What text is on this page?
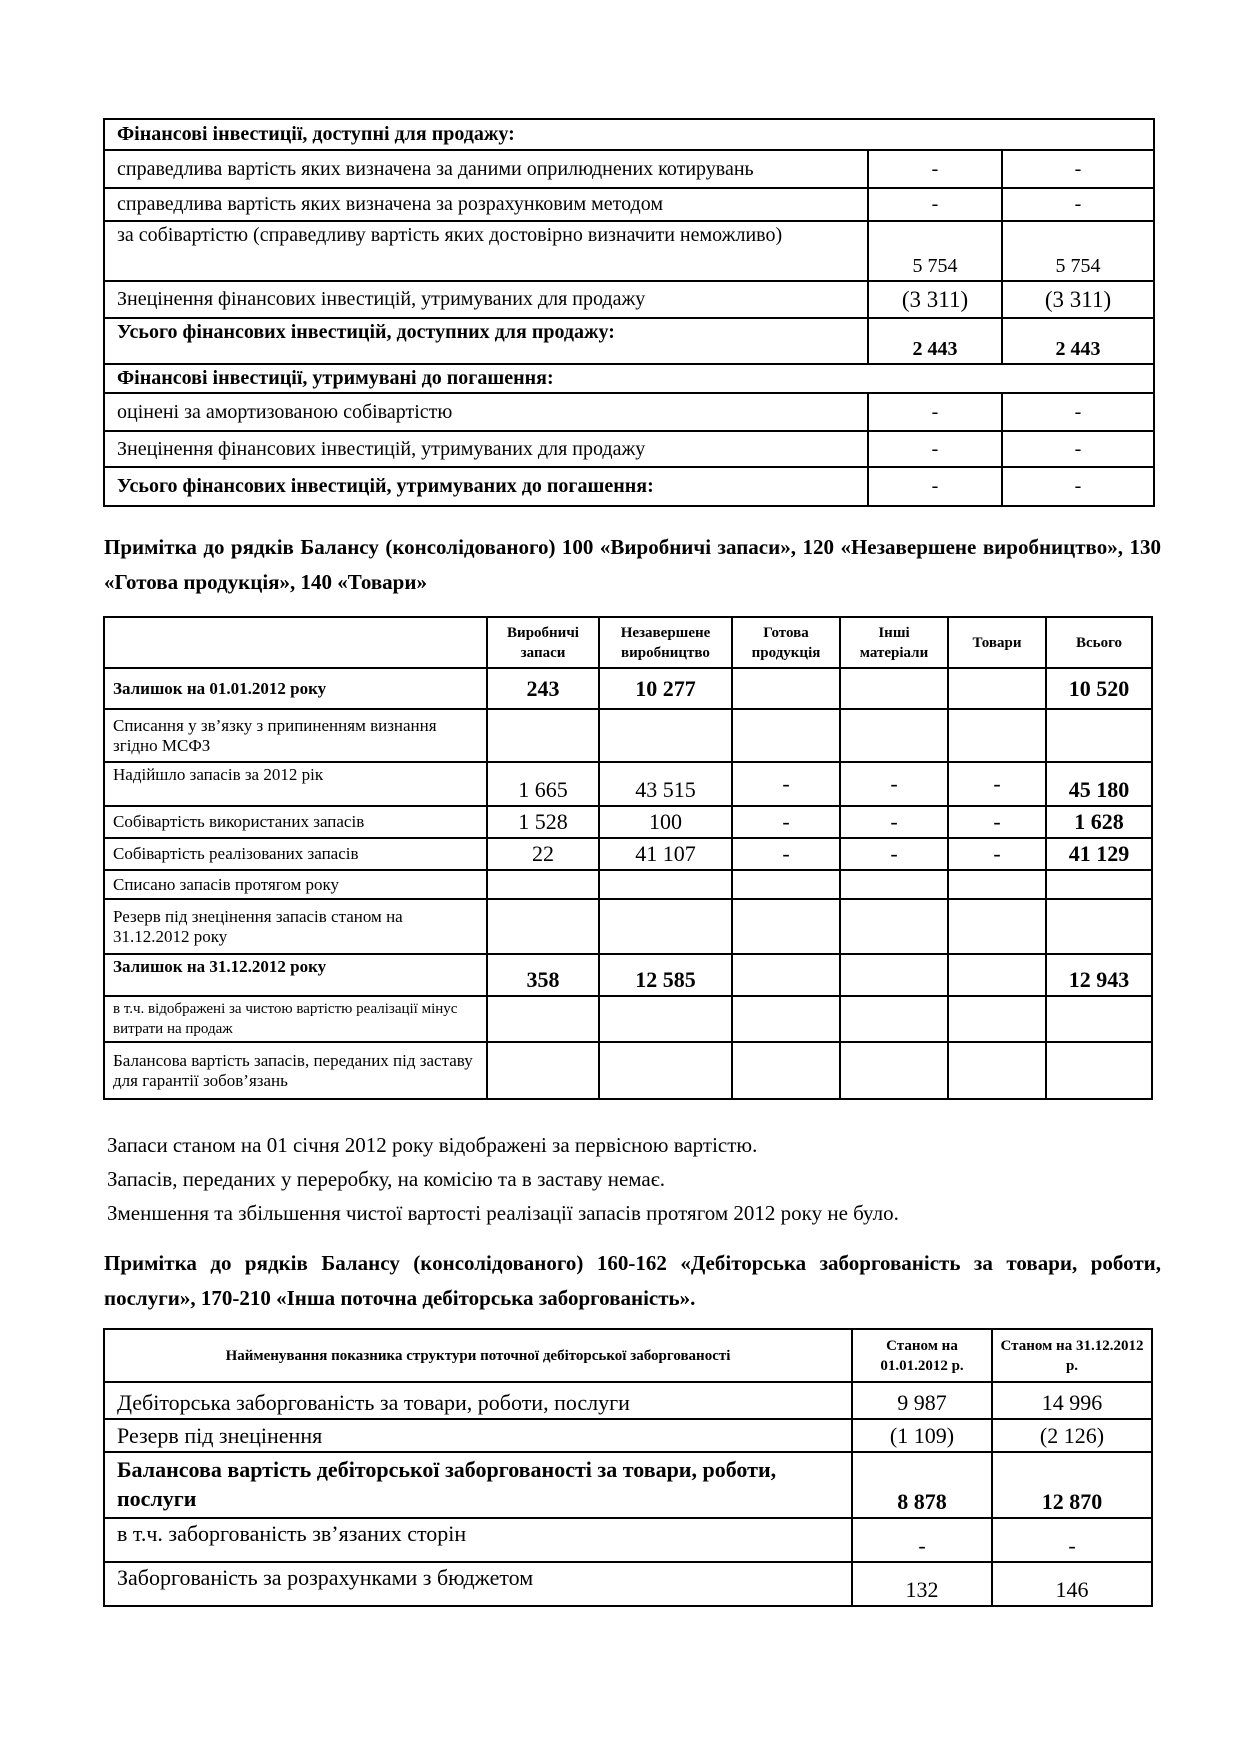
Фінансові інвестиції, доступні для продажу:		
справедлива вартість яких визначена за даними оприлюднених котирувань	-	-
справедлива вартість яких визначена за розрахунковим методом	-	-
за собівартістю (справедливу вартість яких достовірно визначити неможливо)	5 754	5 754
Знецінення фінансових інвестицій, утримуваних для продажу	(3 311)	(3 311)
Усього фінансових інвестицій, доступних для продажу:	2 443	2 443
Фінансові інвестиції, утримувані до погашення:		
оцінені за амортизованою собівартістю	-	-
Знецінення фінансових інвестицій, утримуваних для продажу	-	-
Усього фінансових інвестицій, утримуваних до погашення:	-	-
Примітка до рядків Балансу (консолідованого) 100 «Виробничі запаси», 120 «Незавершене виробництво», 130 «Готова продукція», 140 «Товари»
	Виробничі запаси	Незавершене виробництво	Готова продукція	Інші матеріали	Товари	Всього
Залишок на 01.01.2012 року	243	10 277				10 520
Списання у зв’язку з припиненням визнання згідно МСФЗ						
Надійшло запасів за 2012 рік	1 665	43 515	-	-	-	45 180
Собівартість використаних запасів	1 528	100	-	-	-	1 628
Собівартість реалізованих запасів	22	41 107	-	-	-	41 129
Списано запасів протягом року						
Резерв під знецінення запасів станом на 31.12.2012 року						
Залишок на 31.12.2012 року	358	12 585				12 943
в т.ч. відображені за чистою вартістю реалізації мінус витрати на продаж						
Балансова вартість запасів, переданих під заставу для гарантії зобов’язань						
Запаси станом на 01 січня 2012 року відображені за первісною вартістю.
Запасів, переданих у переробку, на комісію та в заставу немає.
Зменшення та збільшення чистої вартості реалізації запасів протягом 2012 року не було.
Примітка до рядків Балансу (консолідованого) 160-162 «Дебіторська заборгованість за товари, роботи, послуги», 170-210 «Інша поточна дебіторська заборгованість».
Найменування показника структури поточної дебіторської заборгованості	Станом на 01.01.2012 р.	Станом на 31.12.2012 р.
Дебіторська заборгованість за товари, роботи, послуги	9 987	14 996
Резерв під знецінення	(1 109)	(2 126)
Балансова вартість дебіторської заборгованості за товари, роботи, послуги	8 878	12 870
в т.ч. заборгованість зв’язаних сторін	-	-
Заборгованість за розрахунками з бюджетом	132	146
